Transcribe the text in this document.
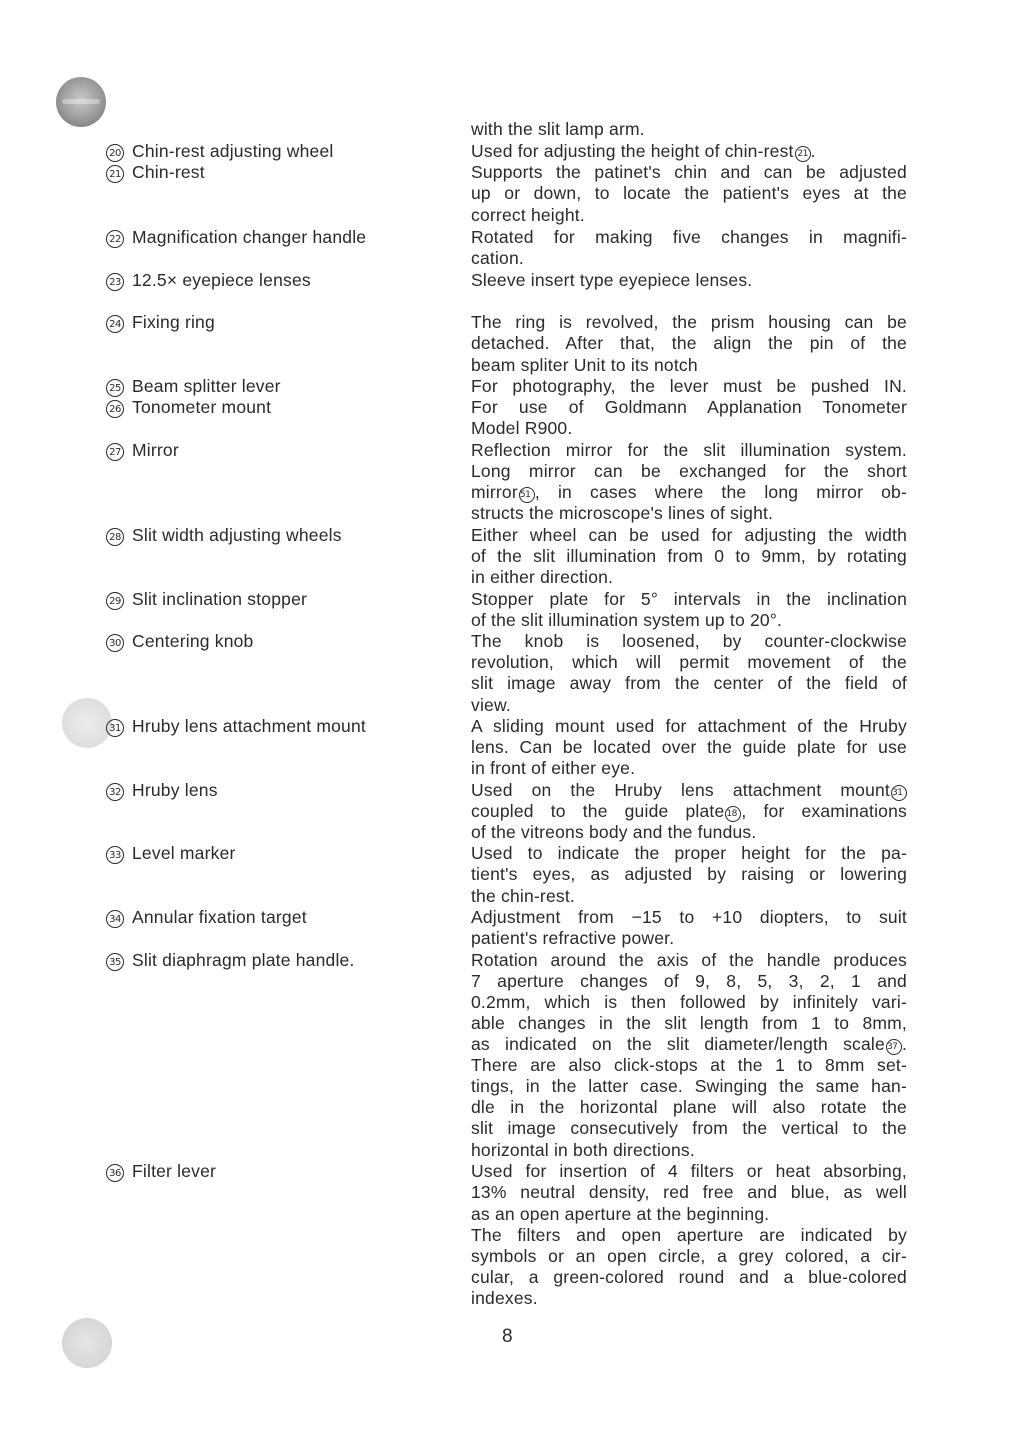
20 Chin-rest adjusting wheel
21 Chin-rest
22 Magnification changer handle
23 12.5× eyepiece lenses
24 Fixing ring
25 Beam splitter lever
26 Tonometer mount
27 Mirror
28 Slit width adjusting wheels
29 Slit inclination stopper
30 Centering knob
31 Hruby lens attachment mount
32 Hruby lens
33 Level marker
34 Annular fixation target
35 Slit diaphragm plate handle.
36 Filter lever
with the slit lamp arm.
Used for adjusting the height of chin-rest 21 .
Supports the patinet's chin and can be adjusted
up or down, to locate the patient's eyes at the
correct height.
Rotated for making five changes in magnifi-
cation.
Sleeve insert type eyepiece lenses.
The ring is revolved, the prism housing can be
detached. After that, the align the pin of the
beam spliter Unit to its notch
For photography, the lever must be pushed IN.
For use of Goldmann Applanation Tonometer
Model R900.
Reflection mirror for the slit illumination system.
Long mirror can be exchanged for the short
mirror 51 , in cases where the long mirror ob-
structs the microscope's lines of sight.
Either wheel can be used for adjusting the width
of the slit illumination from 0 to 9mm, by rotating
in either direction.
Stopper plate for 5° intervals in the inclination
of the slit illumination system up to 20°.
The knob is loosened, by counter-clockwise
revolution, which will permit movement of the
slit image away from the center of the field of
view.
A sliding mount used for attachment of the Hruby
lens. Can be located over the guide plate for use
in front of either eye.
Used on the Hruby lens attachment mount 31
coupled to the guide plate 18 , for examinations
of the vitreons body and the fundus.
Used to indicate the proper height for the pa-
tient's eyes, as adjusted by raising or lowering
the chin-rest.
Adjustment from −15 to +10 diopters, to suit
patient's refractive power.
Rotation around the axis of the handle produces
7 aperture changes of 9, 8, 5, 3, 2, 1 and
0.2mm, which is then followed by infinitely vari-
able changes in the slit length from 1 to 8mm,
as indicated on the slit diameter/length scale 37 .
There are also click-stops at the 1 to 8mm set-
tings, in the latter case. Swinging the same han-
dle in the horizontal plane will also rotate the
slit image consecutively from the vertical to the
horizontal in both directions.
Used for insertion of 4 filters or heat absorbing,
13% neutral density, red free and blue, as well
as an open aperture at the beginning.
The filters and open aperture are indicated by
symbols or an open circle, a grey colored, a cir-
cular, a green-colored round and a blue-colored
indexes.
8
